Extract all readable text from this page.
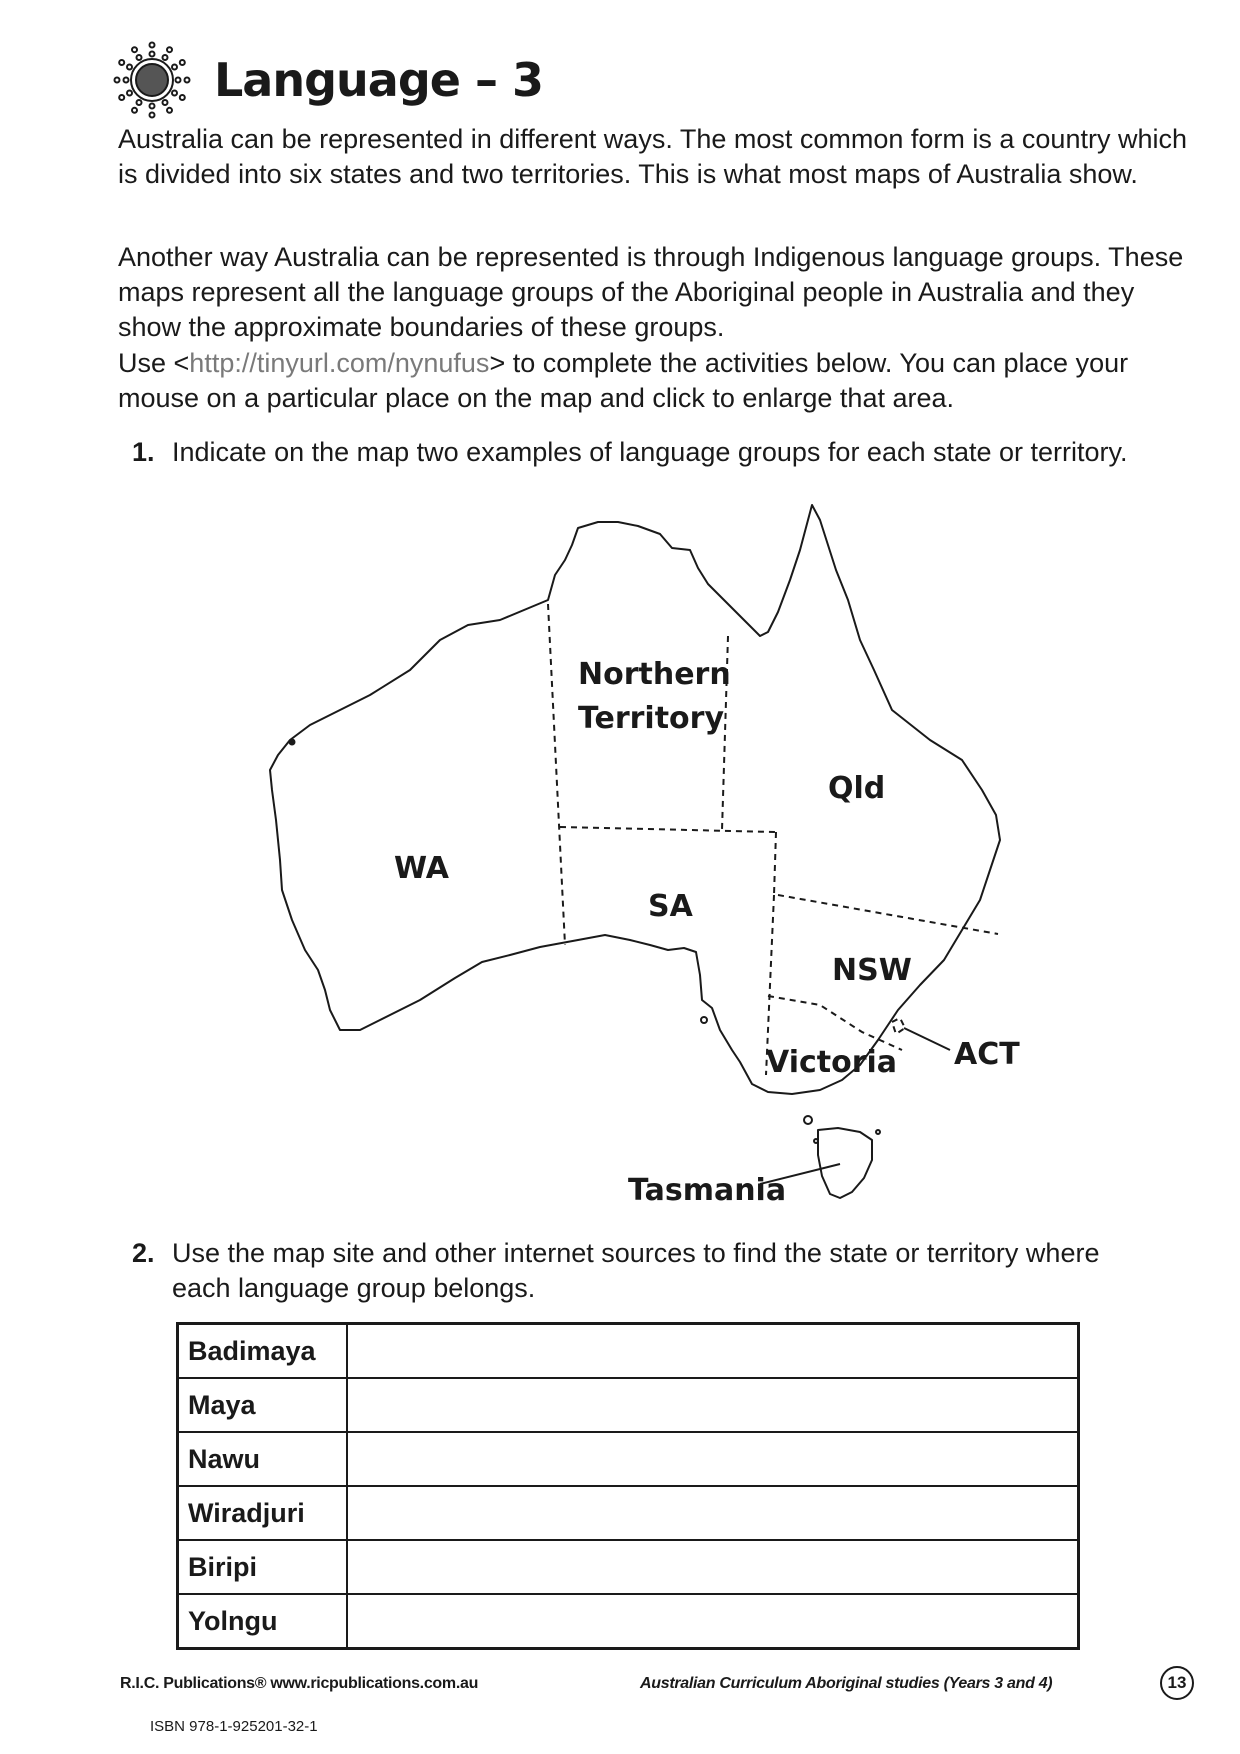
Language – 3

Australia can be represented in different ways. The most common form is a country which is divided into six states and two territories. This is what most maps of Australia show.

Another way Australia can be represented is through Indigenous language groups. These maps represent all the language groups of the Aboriginal people in Australia and they show the approximate boundaries of these groups.

Use <http://tinyurl.com/nynufus> to complete the activities below. You can place your mouse on a particular place on the map and click to enlarge that area.

1. Indicate on the map two examples of language groups for each state or territory.
Northern
Territory
Qld
WA
SA
NSW
Victoria ACT
Tasmania
2. Use the map site and other internet sources to find the state or territory where each language group belongs.
Badimaya	
Maya	
Nawu	
Wiradjuri	
Biripi	
Yolngu	
R.I.C. Publications® www.ricpublications.com.au	Australian Curriculum Aboriginal studies (Years 3 and 4)	13
ISBN 978-1-925201-32-1
